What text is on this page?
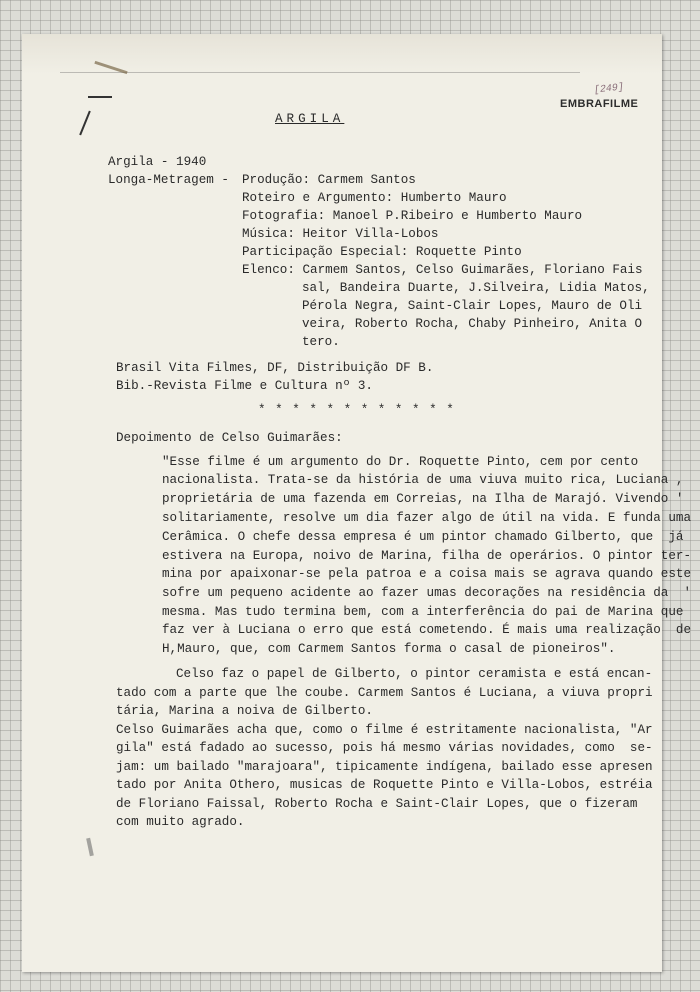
[249]
EMBRAFILME
ARGILA
Argila - 1940
Longa-Metragem - Produção: Carmem Santos
Roteiro e Argumento: Humberto Mauro
Fotografia: Manoel P.Ribeiro e Humberto Mauro
Música: Heitor Villa-Lobos
Participação Especial: Roquette Pinto
Elenco: Carmem Santos, Celso Guimarães, Floriano Fais
sal, Bandeira Duarte, J.Silveira, Lidia Matos,
Pérola Negra, Saint-Clair Lopes, Mauro de Oli
veira, Roberto Rocha, Chaby Pinheiro, Anita O
tero.
Brasil Vita Filmes, DF, Distribuição DF B.
Bib.-Revista Filme e Cultura nº 3.
* * * * * * * * * * * *
Depoimento de Celso Guimarães:
"Esse filme é um argumento do Dr. Roquette Pinto, cem por cento
nacionalista. Trata-se da história de uma viuva muito rica, Luciana ,
proprietária de uma fazenda em Correias, na Ilha de Marajó. Vivendo '
solitariamente, resolve um dia fazer algo de útil na vida. E funda uma
Cerâmica. O chefe dessa empresa é um pintor chamado Gilberto, que  já
estivera na Europa, noivo de Marina, filha de operários. O pintor ter-
mina por apaixonar-se pela patroa e a coisa mais se agrava quando este
sofre um pequeno acidente ao fazer umas decorações na residência da  '
mesma. Mas tudo termina bem, com a interferência do pai de Marina que
faz ver à Luciana o erro que está cometendo. É mais uma realização  de
H,Mauro, que, com Carmem Santos forma o casal de pioneiros".
Celso faz o papel de Gilberto, o pintor ceramista e está encan-
tado com a parte que lhe coube. Carmem Santos é Luciana, a viuva propri
tária, Marina a noiva de Gilberto.
Celso Guimarães acha que, como o filme é estritamente nacionalista, "Ar
gila" está fadado ao sucesso, pois há mesmo várias novidades, como  se-
jam: um bailado "marajoara", tipicamente indígena, bailado esse apresen
tado por Anita Othero, musicas de Roquette Pinto e Villa-Lobos, estréia
de Floriano Faissal, Roberto Rocha e Saint-Clair Lopes, que o fizeram
com muito agrado.
